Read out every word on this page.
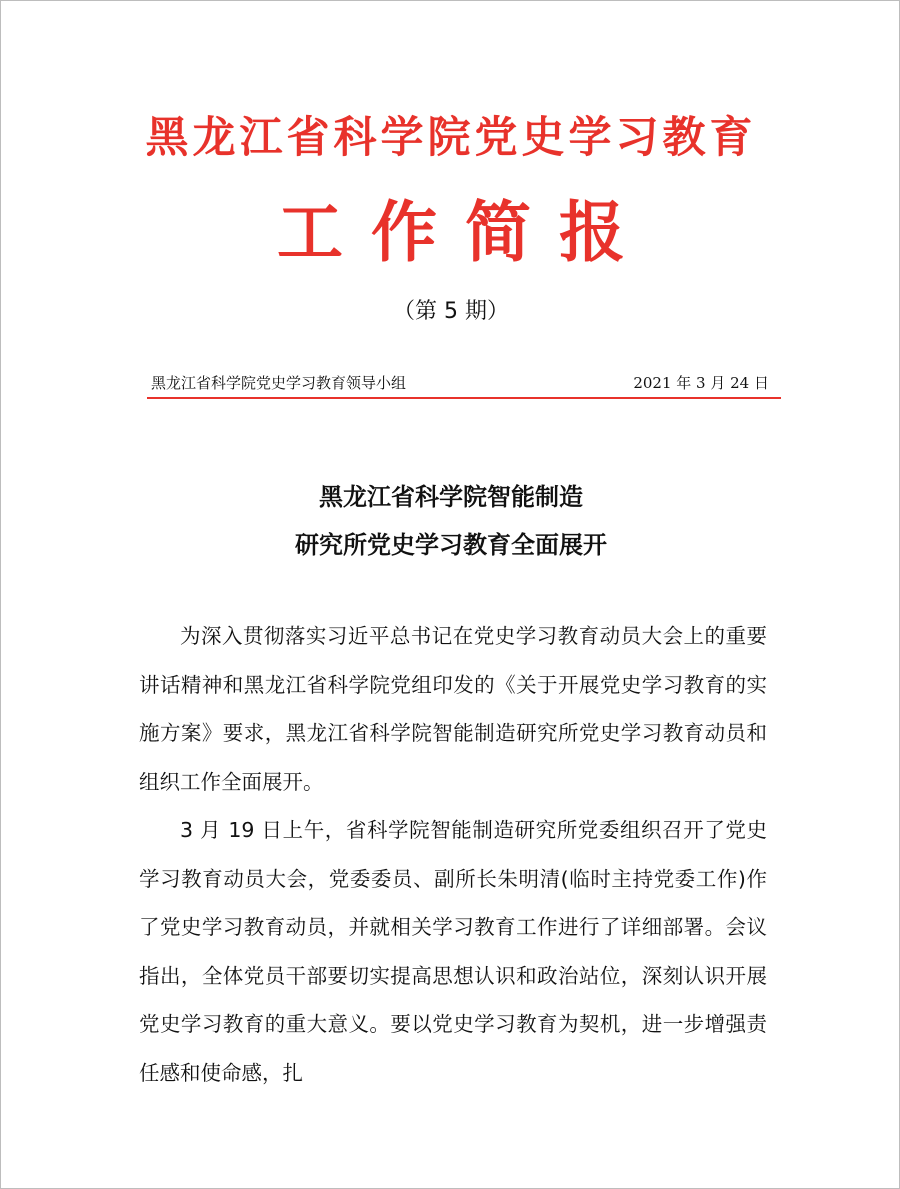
黑龙江省科学院党史学习教育
工作简报
（第 5 期）
黑龙江省科学院党史学习教育领导小组	2021 年 3 月 24 日
黑龙江省科学院智能制造
研究所党史学习教育全面展开

为深入贯彻落实习近平总书记在党史学习教育动员大会上的重要讲话精神和黑龙江省科学院党组印发的《关于开展党史学习教育的实施方案》要求，黑龙江省科学院智能制造研究所党史学习教育动员和组织工作全面展开。

3 月 19 日上午，省科学院智能制造研究所党委组织召开了党史学习教育动员大会，党委委员、副所长朱明清(临时主持党委工作)作了党史学习教育动员，并就相关学习教育工作进行了详细部署。会议指出，全体党员干部要切实提高思想认识和政治站位，深刻认识开展党史学习教育的重大意义。要以党史学习教育为契机，进一步增强责任感和使命感，扎
